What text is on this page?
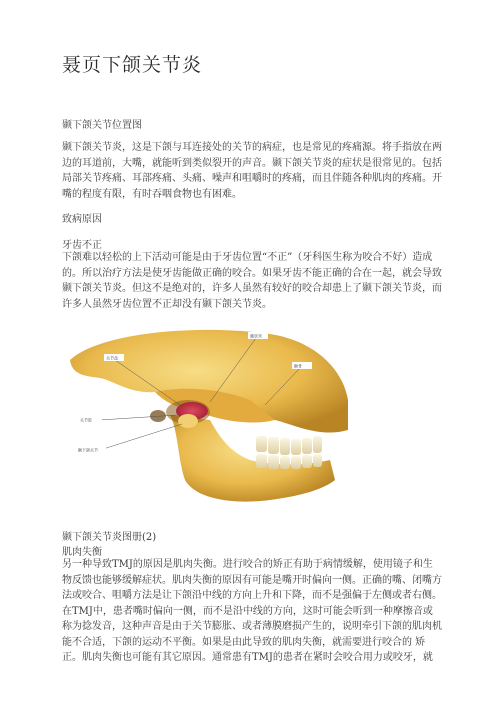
聂页下颌关节炎
颞下颌关节位置图

颞下颌关节炎，这是下颌与耳连接处的关节的病症，也是常见的疼痛源。将手指放在两边的耳道前，大嘴，就能听到类似裂开的声音。颞下颌关节炎的症状是很常见的。包括局部关节疼痛、耳部疼痛、头痛、噪声和咀嚼时的疼痛，而且伴随各种肌肉的疼痛。开嘴的程度有限，有时吞咽食物也有困难。

致病原因
牙齿不正

下颌难以轻松的上下活动可能是由于牙齿位置“不正”（牙科医生称为咬合不好）造成的。所以治疗方法是使牙齿能做正确的咬合。如果牙齿不能正确的合在一起，就会导致颞下颌关节炎。但这不是绝对的，许多人虽然有较好的咬合却患上了颞下颌关节炎，而许多人虽然牙齿位置不正却没有颞下颌关节炎。

关节盘
髁状突
颞骨
关节腔
颞下颌关节
颞下颌关节炎图册(2)
肌肉失衡

另一种导致TMJ的原因是肌肉失衡。进行咬合的矫正有助于病情缓解，使用镜子和生物反馈也能够缓解症状。肌肉失衡的原因有可能是嘴开时偏向一侧。正确的嘴、闭嘴方法或咬合、咀嚼方法是让下颌沿中线的方向上升和下降，而不是强偏于左侧或者右侧。在TMJ中，患者嘴时偏向一侧，而不是沿中线的方向，这时可能会听到一种摩擦音或称为捻发音，这种声音是由于关节膨胀、或者薄膜磨损产生的，说明牵引下颌的肌肉机能不合适，下颌的运动不平衡。如果是由此导致的肌肉失衡，就需要进行咬合的 矫正。肌肉失衡也可能有其它原因。通常患有TMJ的患者在紧时会咬合用力或咬牙，就
